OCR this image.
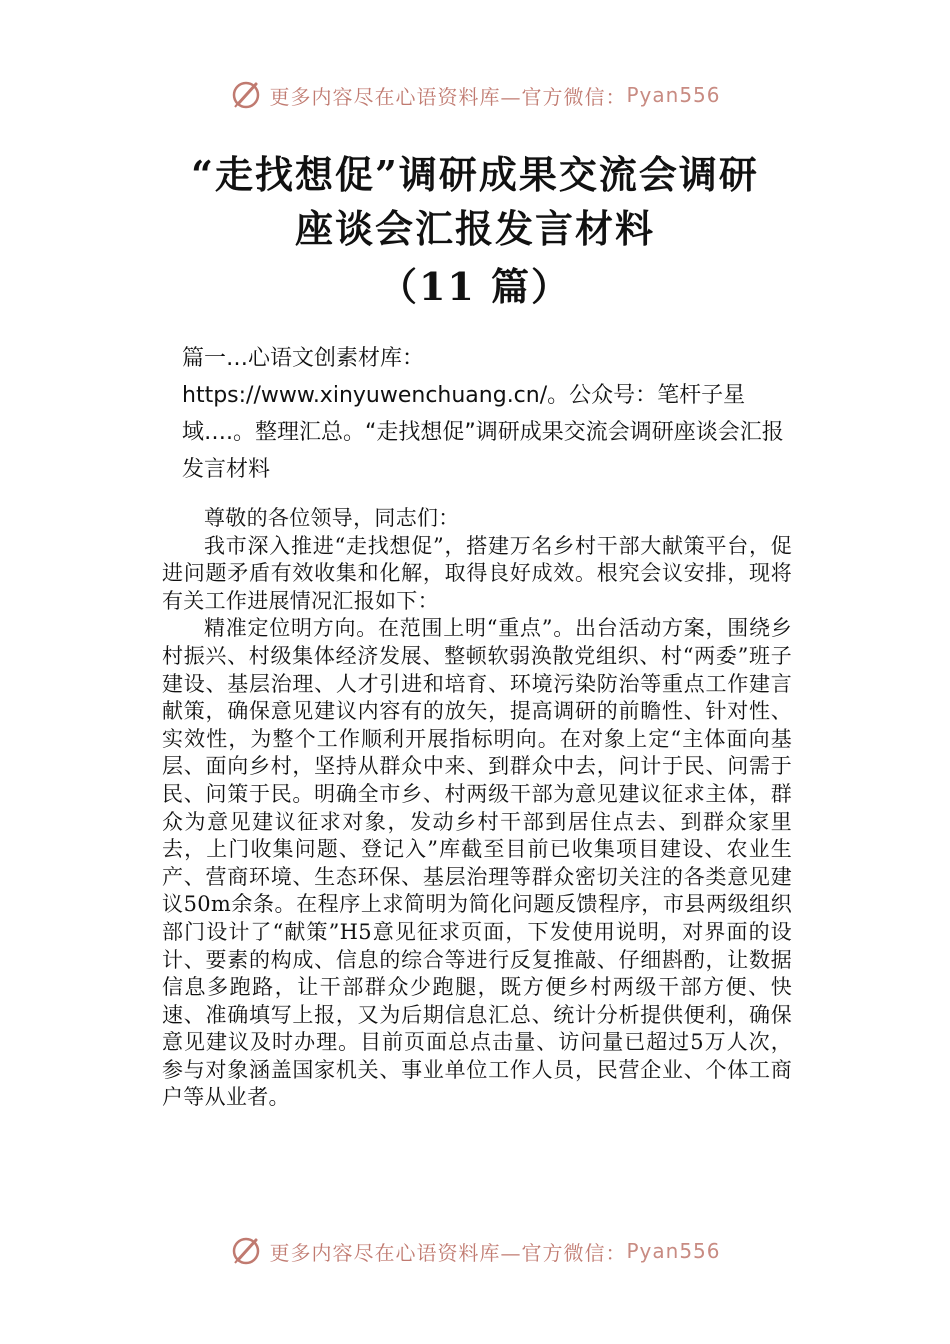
更多内容尽在心语资料库—官方微信： Pyan556
“走找想促”调研成果交流会调研
座谈会汇报发言材料
（11 篇）
篇一…心语文创素材库：https://www.xinyuwenchuang.cn/。公众号：笔杆子星域….。整理汇总。“走找想促”调研成果交流会调研座谈会汇报发言材料

尊敬的各位领导，同志们：

我市深入推进“走找想促”，搭建万名乡村干部大献策平台，促进问题矛盾有效收集和化解，取得良好成效。根究会议安排，现将有关工作进展情况汇报如下：

精准定位明方向。在范围上明“重点”。出台活动方案，围绕乡村振兴、村级集体经济发展、整顿软弱涣散党组织、村“两委”班子建设、基层治理、人才引进和培育、环境污染防治等重点工作建言献策，确保意见建议内容有的放矢，提高调研的前瞻性、针对性、实效性，为整个工作顺利开展指标明向。在对象上定“主体面向基层、面向乡村，坚持从群众中来、到群众中去，问计于民、问需于民、问策于民。明确全市乡、村两级干部为意见建议征求主体，群众为意见建议征求对象，发动乡村干部到居住点去、到群众家里去，上门收集问题、登记入”库截至目前已收集项目建设、农业生产、营商环境、生态环保、基层治理等群众密切关注的各类意见建议50m余条。在程序上求简明为简化问题反馈程序，市县两级组织部门设计了“献策”H5意见征求页面，下发使用说明，对界面的设计、要素的构成、信息的综合等进行反复推敲、仔细斟酌，让数据信息多跑路，让干部群众少跑腿，既方便乡村两级干部方便、快速、准确填写上报，又为后期信息汇总、统计分析提供便利，确保意见建议及时办理。目前页面总点击量、访问量已超过5万人次，参与对象涵盖国家机关、事业单位工作人员，民营企业、个体工商户等从业者。

更多内容尽在心语资料库—官方微信： Pyan556
